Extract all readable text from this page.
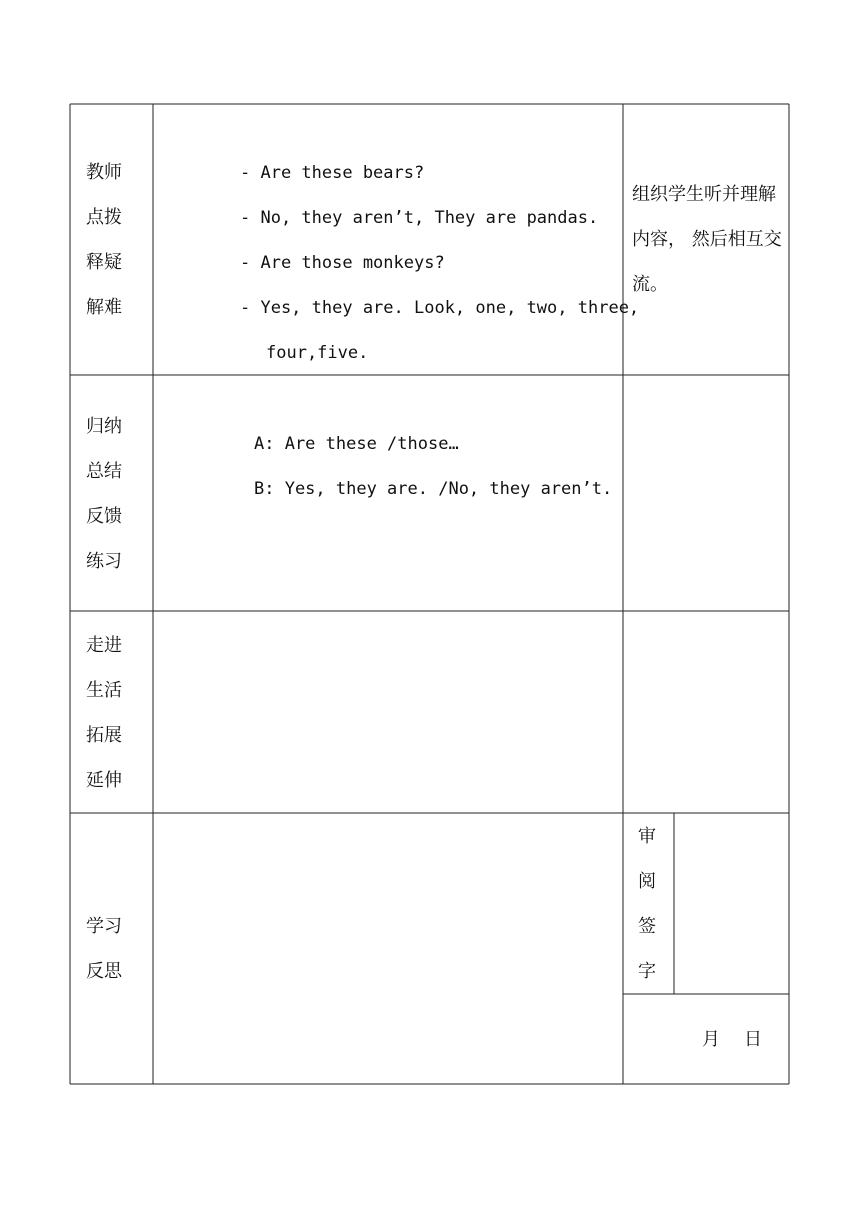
教师
点拨
释疑
解难
- Are these bears?
- No, they aren’t, They are pandas.
- Are those monkeys?
- Yes, they are. Look, one, two, three,
four,five.
组织学生听并理解内容， 然后相互交流。
归纳
总结
反馈
练习
A: Are these /those…
B: Yes, they are. /No, they aren’t.
走进
生活
拓展
延伸
学习
反思
审
阅
签
字
月 日
